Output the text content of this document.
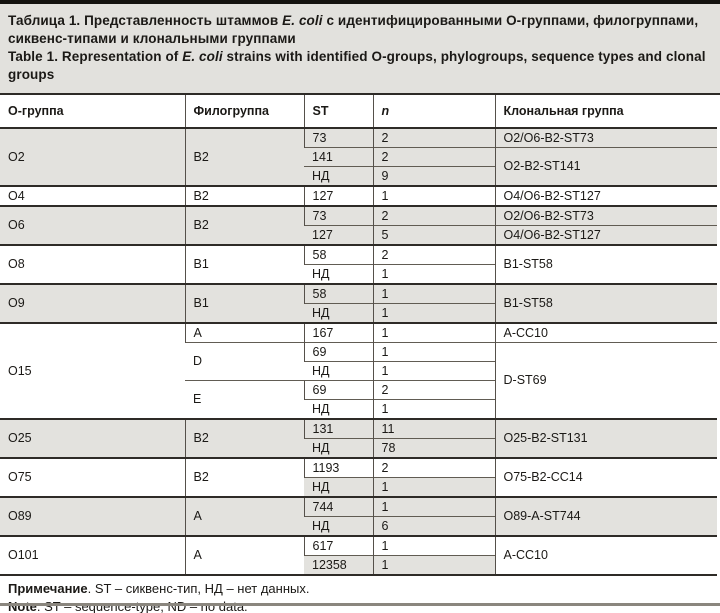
Таблица 1. Представленность штаммов E. coli с идентифицированными О-группами, филогруппами, сиквенс-типами и клональными группами

Table 1. Representation of E. coli strains with identified O-groups, phylogroups, sequence types and clonal groups

О-группа	Филогруппа	ST	n	Клональная группа
O2	B2	73	2	O2/O6-B2-ST73
		141	2	O2-B2-ST141
		НД	9	
O4	B2	127	1	O4/O6-B2-ST127
O6	B2	73	2	O2/O6-B2-ST73
		127	5	O4/O6-B2-ST127
O8	B1	58	2	B1-ST58
		НД	1	
O9	B1	58	1	B1-ST58
		НД	1	
O15	A	167	1	A-CC10
	D	69	1	D-ST69
		НД	1	
	E	69	2	
		НД	1	
O25	B2	131	11	O25-B2-ST131
		НД	78	
O75	B2	1193	2	O75-B2-CC14
		НД	1	
O89	A	744	1	O89-A-ST744
		НД	6	
O101	A	617	1	A-CC10
		12358	1	

Примечание. ST – сиквенс-тип, НД – нет данных.
